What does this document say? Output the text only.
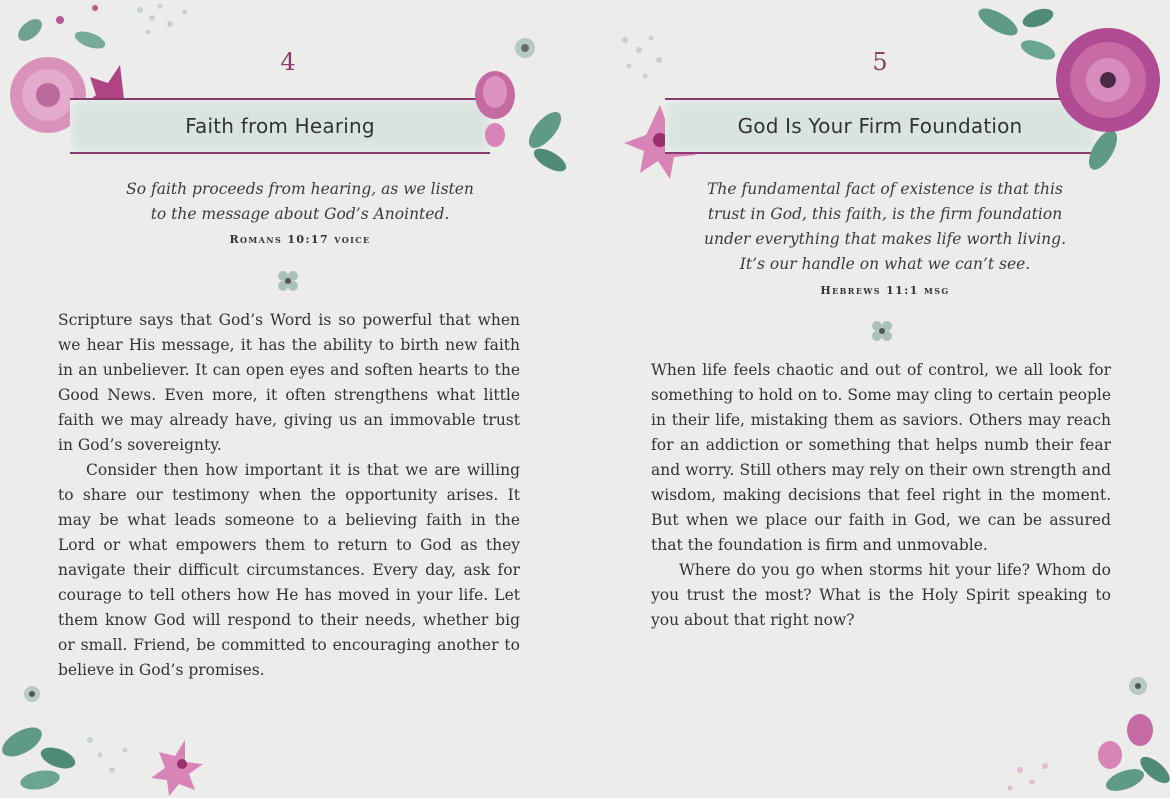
4
Faith from Hearing
So faith proceeds from hearing, as we listen
to the message about God’s Anointed.
Romans 10:17 voice

Scripture says that God’s Word is so powerful that when we hear His message, it has the ability to birth new faith in an unbeliever. It can open eyes and soften hearts to the Good News. Even more, it often strengthens what little faith we may already have, giving us an immovable trust in God’s sovereignty.

Consider then how important it is that we are willing to share our testimony when the opportunity arises. It may be what leads someone to a believing faith in the Lord or what empowers them to return to God as they navigate their difficult circumstances. Every day, ask for courage to tell others how He has moved in your life. Let them know God will respond to their needs, whether big or small. Friend, be committed to encouraging another to believe in God’s promises.

5
God Is Your Firm Foundation
The fundamental fact of existence is that this
trust in God, this faith, is the firm foundation
under everything that makes life worth living.
It’s our handle on what we can’t see.
Hebrews 11:1 msg

When life feels chaotic and out of control, we all look for something to hold on to. Some may cling to certain people in their life, mistaking them as saviors. Others may reach for an addiction or something that helps numb their fear and worry. Still others may rely on their own strength and wisdom, making decisions that feel right in the moment. But when we place our faith in God, we can be assured that the foundation is firm and unmovable.

Where do you go when storms hit your life? Whom do you trust the most? What is the Holy Spirit speaking to you about that right now?
